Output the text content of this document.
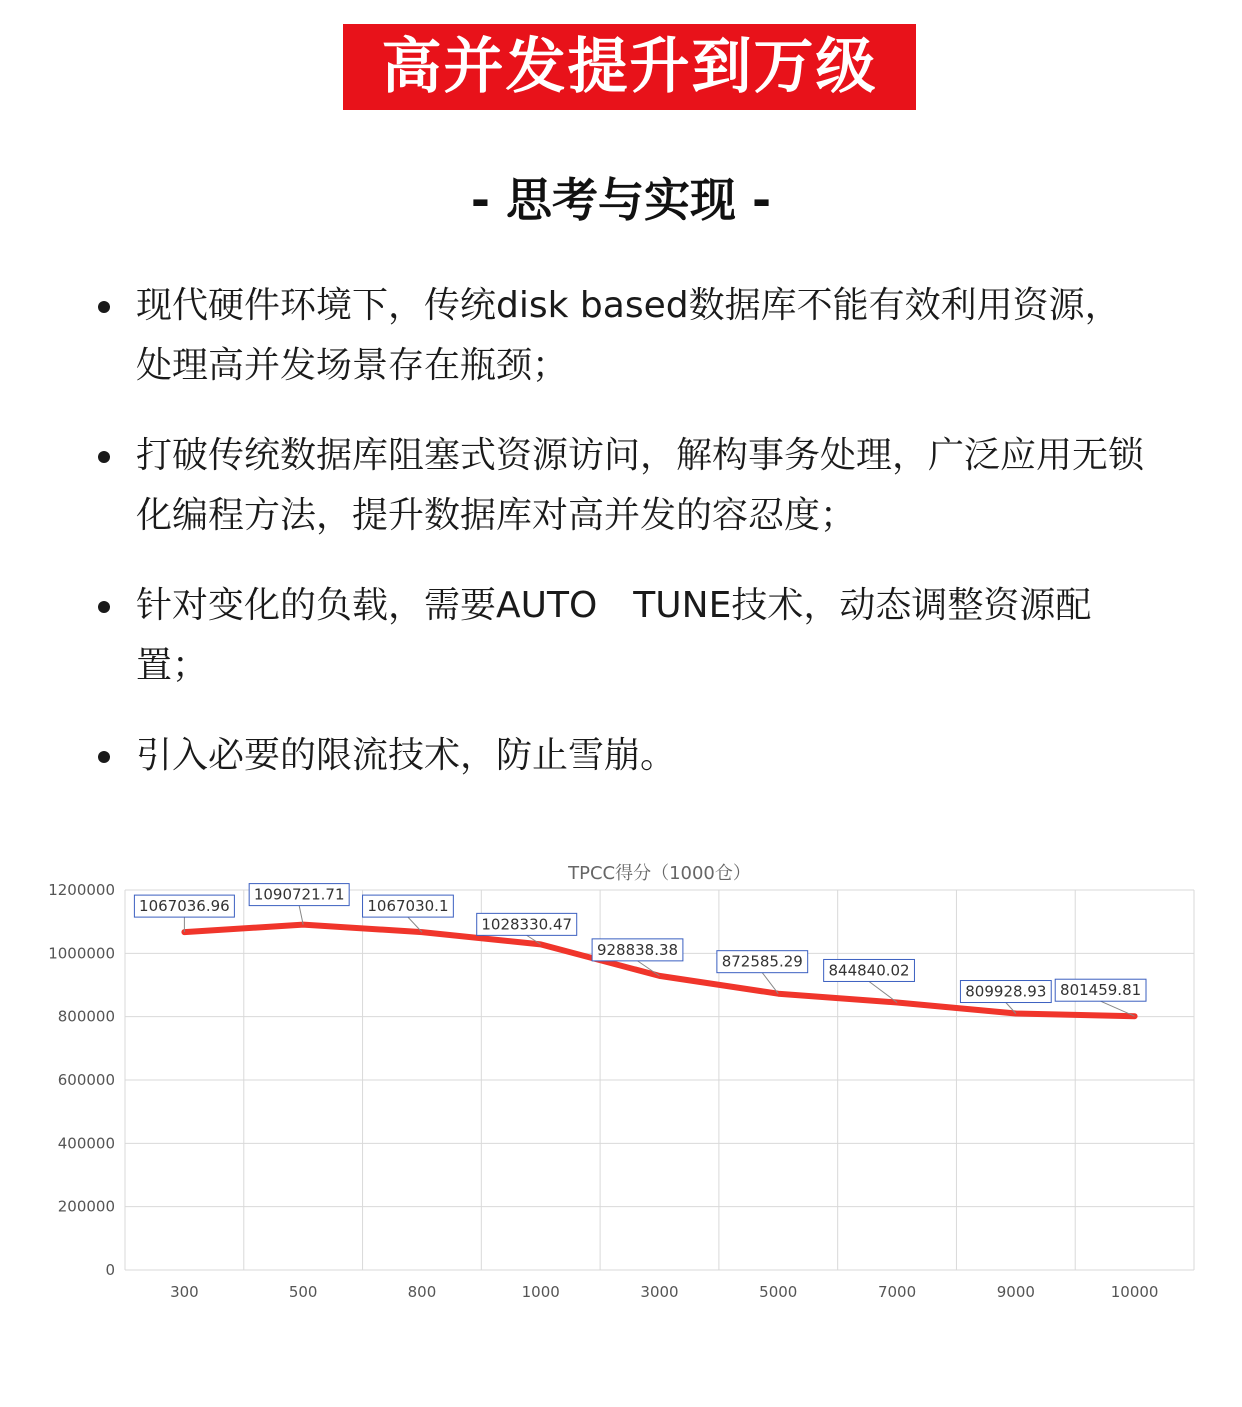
高并发提升到万级
- 思考与实现 -
现代硬件环境下，传统disk based数据库不能有效利用资源，处理高并发场景存在瓶颈；
打破传统数据库阻塞式资源访问，解构事务处理，广泛应用无锁化编程方法，提升数据库对高并发的容忍度；
针对变化的负载，需要AUTO　TUNE技术，动态调整资源配置；
引入必要的限流技术，防止雪崩。
TPCC得分（1000仓）
0
200000
400000
600000
800000
1000000
1200000
300	500	800	1000	3000	5000	7000	9000	10000
1067036.96
1090721.71
1067030.1
1028330.47
928838.38
872585.29 844840.02
809928.93 801459.81
